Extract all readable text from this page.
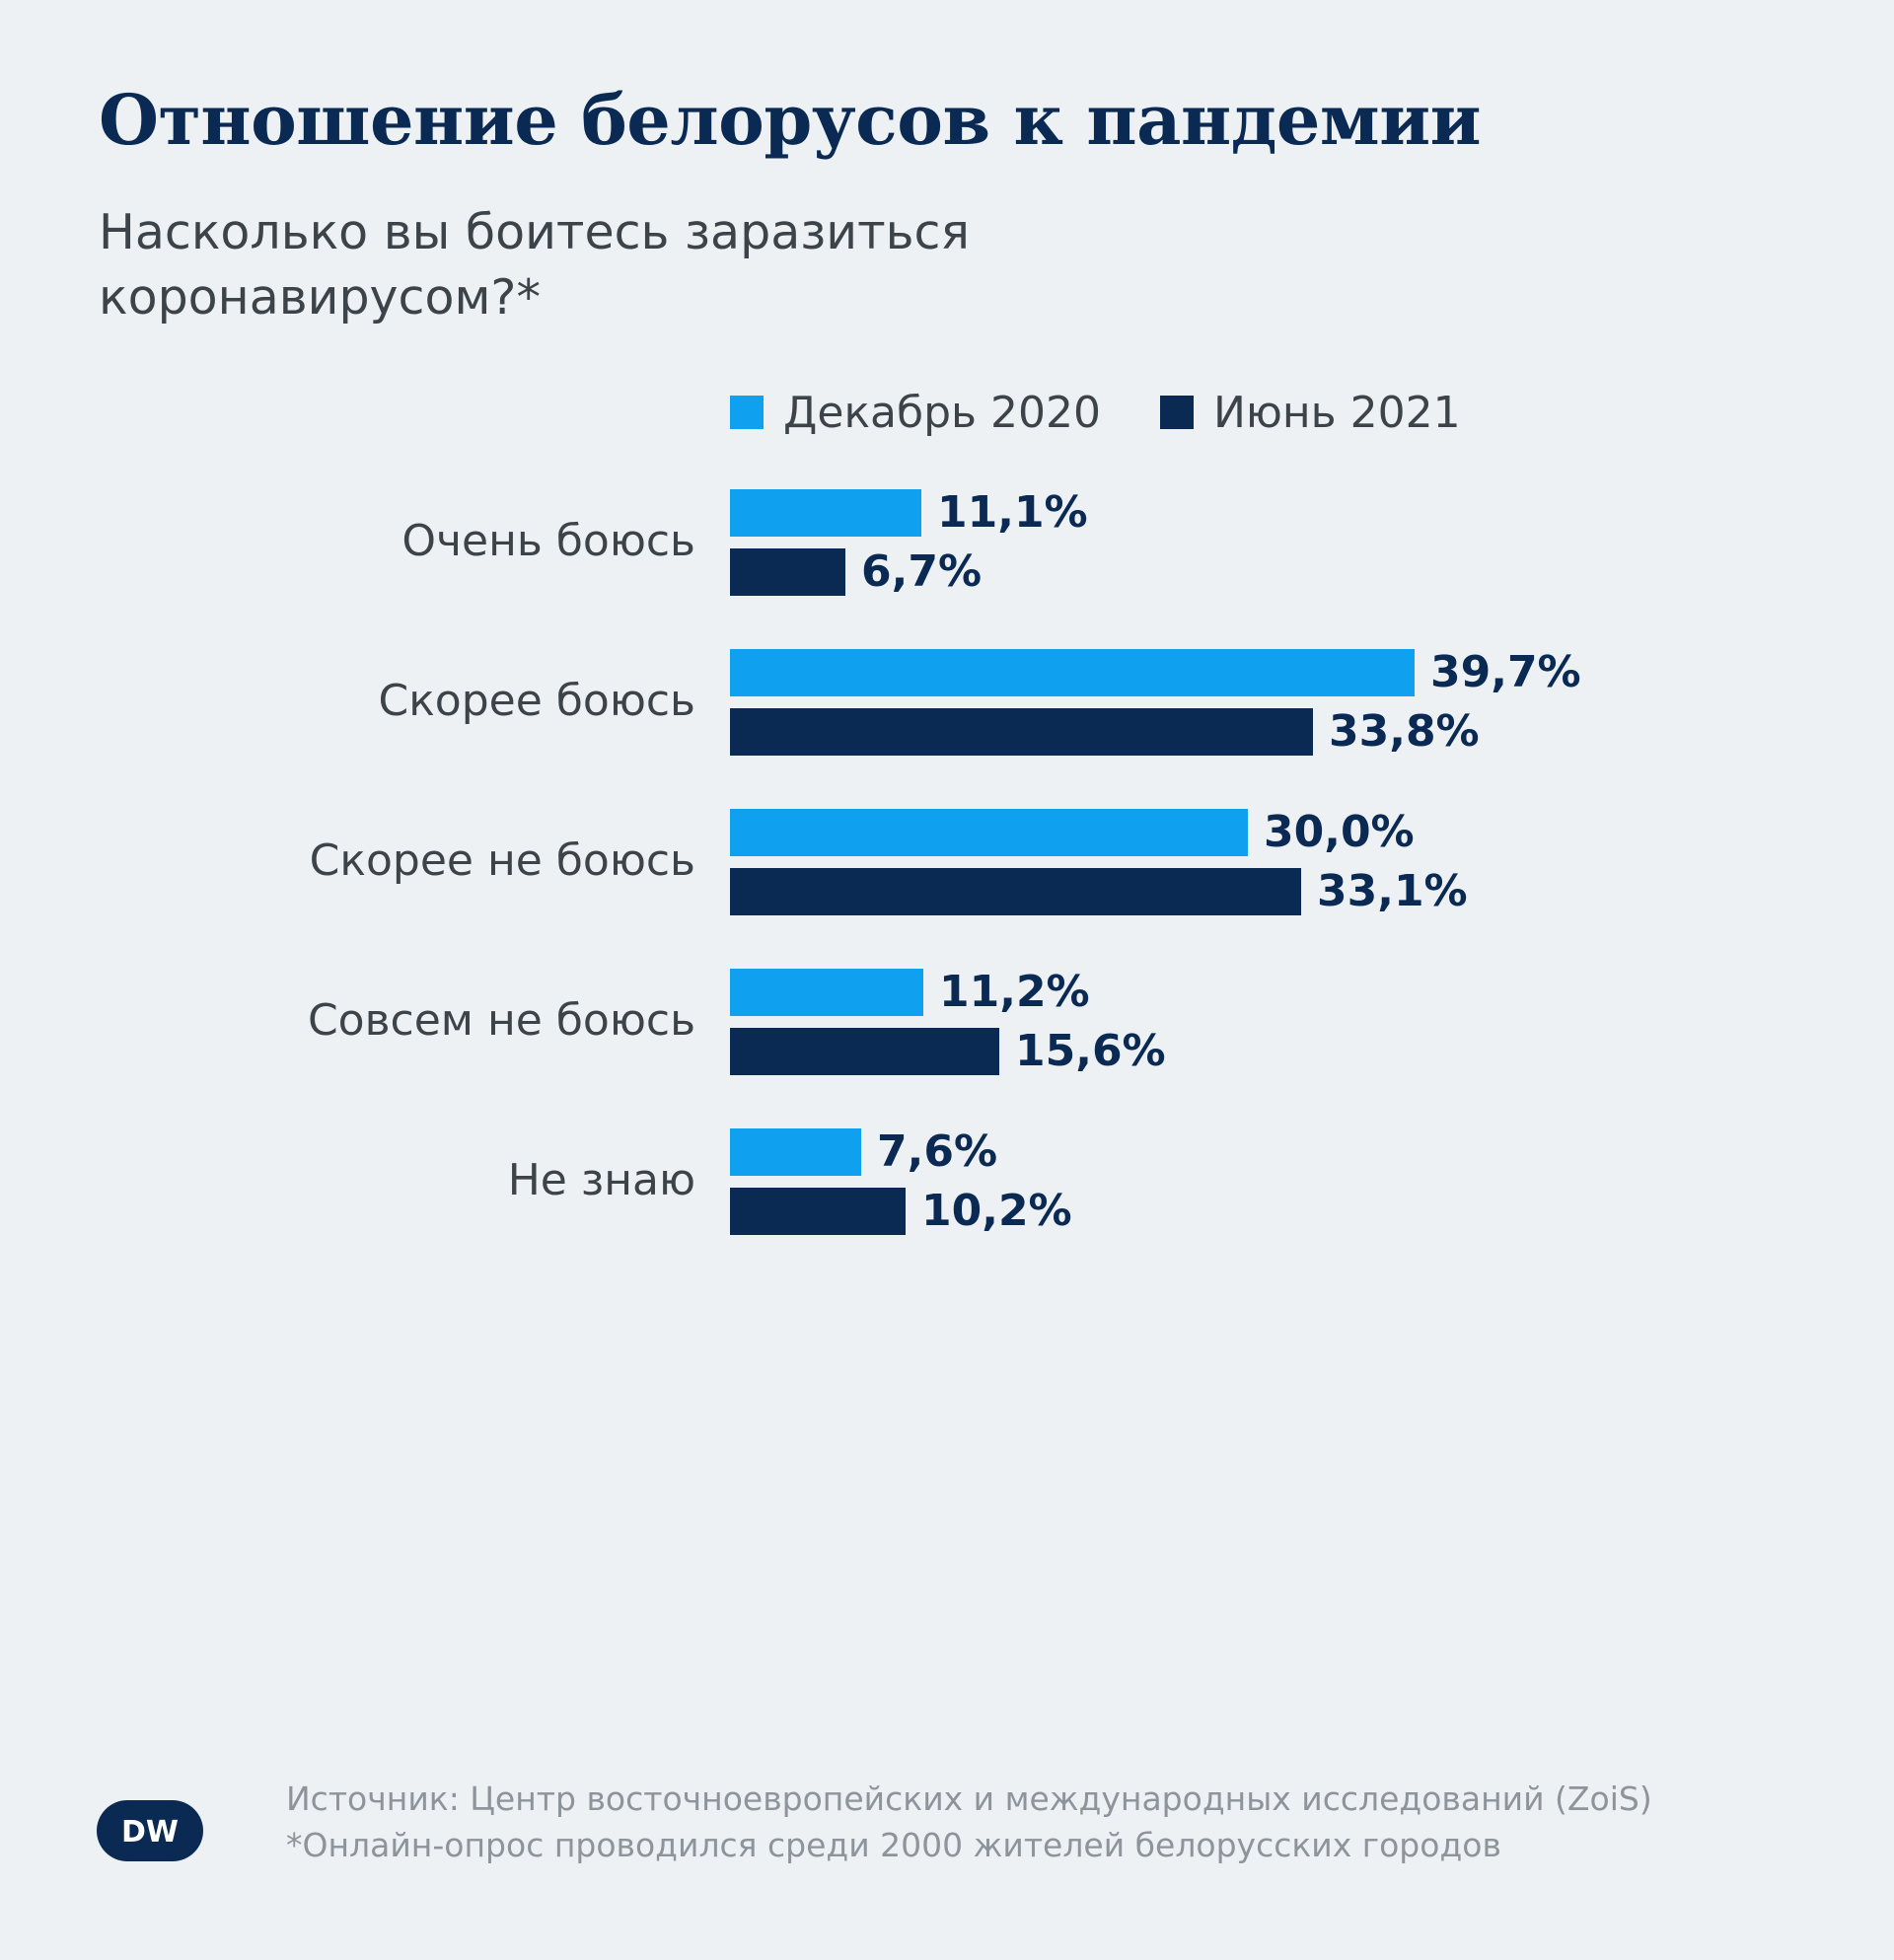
Отношение белорусов к пандемии
Насколько вы боитесь заразиться коронавирусом?*
Декабрь 2020	Июнь 2021
Очень боюсь
11,1%
6,7%
Скорее боюсь
39,7%
33,8%
Скорее не боюсь
30,0%
33,1%
Совсем не боюсь
11,2%
15,6%
Не знаю
7,6%
10,2%
Источник: Центр восточноевропейских и международных исследований (ZoiS)
*Онлайн-опрос проводился среди 2000 жителей белорусских городов
DW
